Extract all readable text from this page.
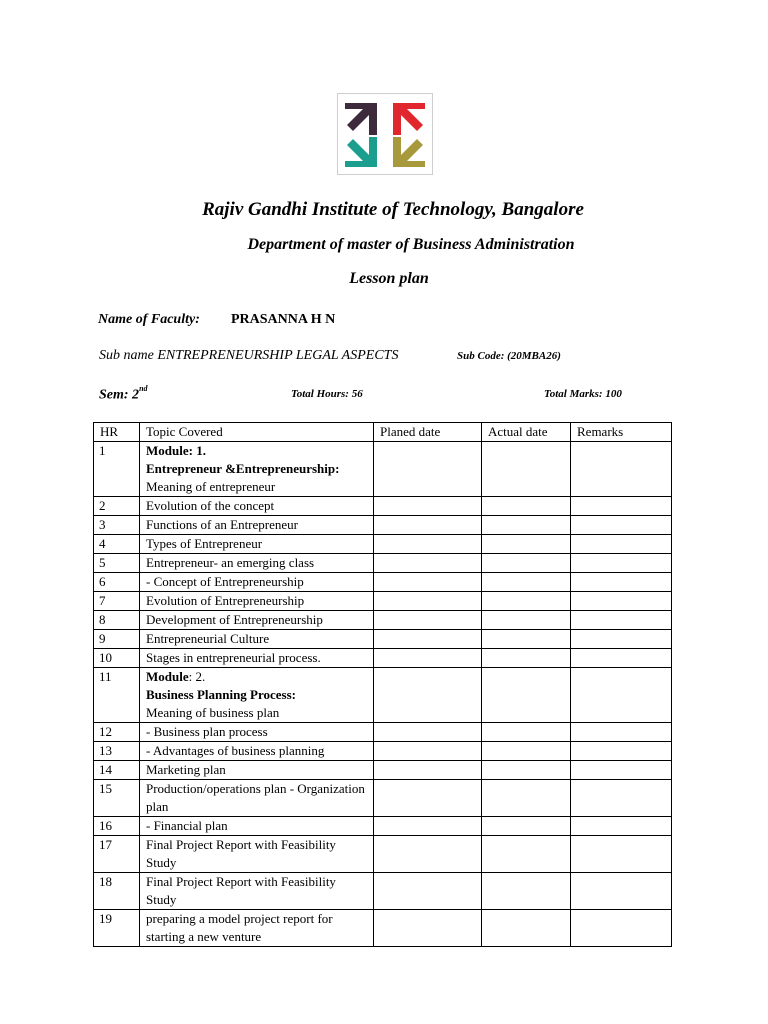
Rajiv Gandhi Institute of Technology, Bangalore
Department of master of Business Administration
Lesson plan
Name of Faculty: PRASANNA H N
Sub name ENTREPRENEURSHIP LEGAL ASPECTS	Sub Code: (20MBA26)
Sem: 2nd	Total Hours: 56	Total Marks: 100
HR	Topic Covered	Planed date	Actual date	Remarks
1	Module: 1.
Entrepreneur &Entrepreneurship: Meaning of entrepreneur			
2	Evolution of the concept			
3	Functions of an Entrepreneur			
4	Types of Entrepreneur			
5	Entrepreneur- an emerging class			
6	- Concept of Entrepreneurship			
7	Evolution of Entrepreneurship			
8	Development of Entrepreneurship			
9	Entrepreneurial Culture			
10	Stages in entrepreneurial process.			
11	Module: 2.
Business Planning Process:
Meaning of business plan			
12	- Business plan process			
13	- Advantages of business planning			
14	Marketing plan			
15	Production/operations plan - Organization plan			
16	- Financial plan			
17	Final Project Report with Feasibility Study			
18	Final Project Report with Feasibility Study			
19	preparing a model project report for starting a new venture			
